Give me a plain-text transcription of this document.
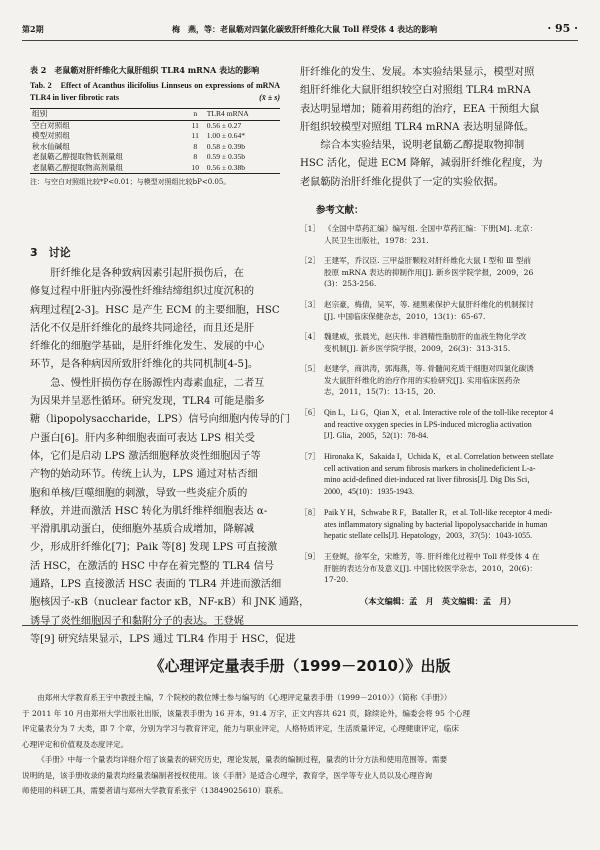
第2期	梅　燕，等：老鼠簕对四氯化碳致肝纤维化大鼠 Toll 样受体 4 表达的影响	· 95 ·
表 2　老鼠簕对肝纤维化大鼠肝组织 TLR4 mRNA 表达的影响
Tab. 2　Effect of Acanthus ilicifolius Linnseus on expressions of mRNA TLR4 in liver fibrotic rats	(x̄ ± s)
组别	n	TLR4 mRNA
空白对照组	11	0.56 ± 0.27
模型对照组	11	1.00 ± 0.64*
秋水仙碱组	8	0.58 ± 0.39b
老鼠簕乙醇提取物低剂量组	8	0.59 ± 0.35b
老鼠簕乙醇提取物高剂量组	10	0.56 ± 0.38b
注：与空白对照组比较*P<0.01；与模型对照组比较bP<0.05。
3　讨论
肝纤维化是各种致病因素引起肝损伤后，在
修复过程中肝脏内弥漫性纤维结缔组织过度沉积的
病理过程[2-3]。HSC 是产生 ECM 的主要细胞，HSC
活化不仅是肝纤维化的最终共同途径，而且还是肝
纤维化的细胞学基础，是肝纤维化发生、发展的中心
环节，是各种病因所致肝纤维化的共同机制[4-5]。
急、慢性肝损伤存在肠源性内毒素血症，二者互
为因果并呈恶性循环。研究发现，TLR4 可能是脂多
糖（lipopolysaccharide，LPS）信号向细胞内传导的门
户蛋白[6]。肝内多种细胞表面可表达 LPS 相关受
体，它们是启动 LPS 激活细胞释放炎性细胞因子等
产物的始动环节。传统上认为，LPS 通过对枯否细
胞和单核/巨噬细胞的刺激，导致一些炎症介质的
释放，并进而激活 HSC 转化为肌纤维样细胞表达 α-
平滑肌肌动蛋白，使细胞外基质合成增加，降解减
少，形成肝纤维化[7]；Paik 等[8] 发现 LPS 可直接激
活 HSC，在激活的 HSC 中存在着完整的 TLR4 信号
通路，LPS 直接激活 HSC 表面的 TLR4 并进而激活细
胞核因子-κB（nuclear factor κB，NF-κB）和 JNK 通路，
诱导了炎性细胞因子和黏附分子的表达。王登娓
等[9] 研究结果显示，LPS 通过 TLR4 作用于 HSC，促进
肝纤维化的发生、发展。本实验结果显示，模型对照
组肝纤维化大鼠肝组织较空白对照组 TLR4 mRNA
表达明显增加；随着用药组的治疗，EEA 干预组大鼠
肝组织较模型对照组 TLR4 mRNA 表达明显降低。
综合本实验结果，说明老鼠簕乙醇提取物抑制
HSC 活化，促进 ECM 降解，减弱肝纤维化程度，为
老鼠簕防治肝纤维化提供了一定的实验依据。
参考文献：
［1］ 《全国中草药汇编》编写组. 全国中草药汇编：下册[M]. 北京：
人民卫生出版社，1978：231.
［2］ 王建军，乔汉臣. 三甲益肝颗粒对肝纤维化大鼠 Ⅰ 型和 Ⅲ 型前
胶原 mRNA 表达的抑制作用[J]. 新乡医学院学报，2009，26
(3)：253-256.
［3］ 赵宗豪，梅倩，吴军，等. 褪黑素保护大鼠肝纤维化的机制探讨
[J]. 中国临床保健杂志，2010，13(1)：65-67.
［4］ 魏建威，张晨光，赵庆伟. 非酒精性脂肪肝的血液生物化学改
变机制[J]. 新乡医学院学报，2009，26(3)：313-315.
［5］ 赵建学，商洪涛，郭海燕，等. 骨髓间充质干细胞对四氯化碳诱
发大鼠肝纤维化的治疗作用的实验研究[J]. 实用临床医药杂
志，2011，15(7)：13-15，20.
［6］ Qin L，Li G，Qian X，et al. Interactive role of the toll-like receptor 4
and reactive oxygen species in LPS-induced microglia activation
[J]. Glia，2005，52(1)：78-84.
［7］ Hironaka K，Sakaida I，Uchida K，et al. Correlation between stellate
cell activation and serum fibrosis markers in cholinedeficient L-a-
mino acid-defined diet-induced rat liver fibrosis[J]. Dig Dis Sci，
2000，45(10)：1935-1943.
［8］ Paik Y H，Schwabe R F，Bataller R，et al. Toll-like receptor 4 medi-
ates inflammatory signaling by bacterial lipopolysaccharide in human
hepatic stellate cells[J]. Hepatology，2003，37(5)：1043-1055.
［9］ 王登娓，徐军全，宋维芳，等. 肝纤维化过程中 Toll 样受体 4 在
肝脏的表达分布及意义[J]. 中国比较医学杂志，2010，20(6)：
17-20.
（本文编辑：孟　月　英文编辑：孟　月）
《心理评定量表手册（1999－2010）》出版
由郑州大学教育系王宇中教授主编，7 个院校的教位博士参与编写的《心理评定量表手册（1999－2010）》（简称《手册》）
于 2011 年 10 月由郑州大学出版社出版，该量表手册为 16 开本，91.4 万字，正文内容共 621 页，除续论外，编委会将 95 个心理
评定量表分为 7 大类，即 7 个章，分别为学习与教育评定，能力与职业评定，人格特质评定，生活质量评定，心理健康评定，临床
心理评定和价值观及态度评定。
《手册》中每一个量表均详细介绍了该量表的研究历史，理论发展，量表的编制过程，量表的计分方法和使用范围等。需要
说明的是，该手册收录的量表均经量表编制者授权使用。该《手册》是适合心理学，教育学，医学等专业人员以及心理咨询
师使用的科研工具，需要者请与郑州大学教育系张宇（13849025610）联系。
